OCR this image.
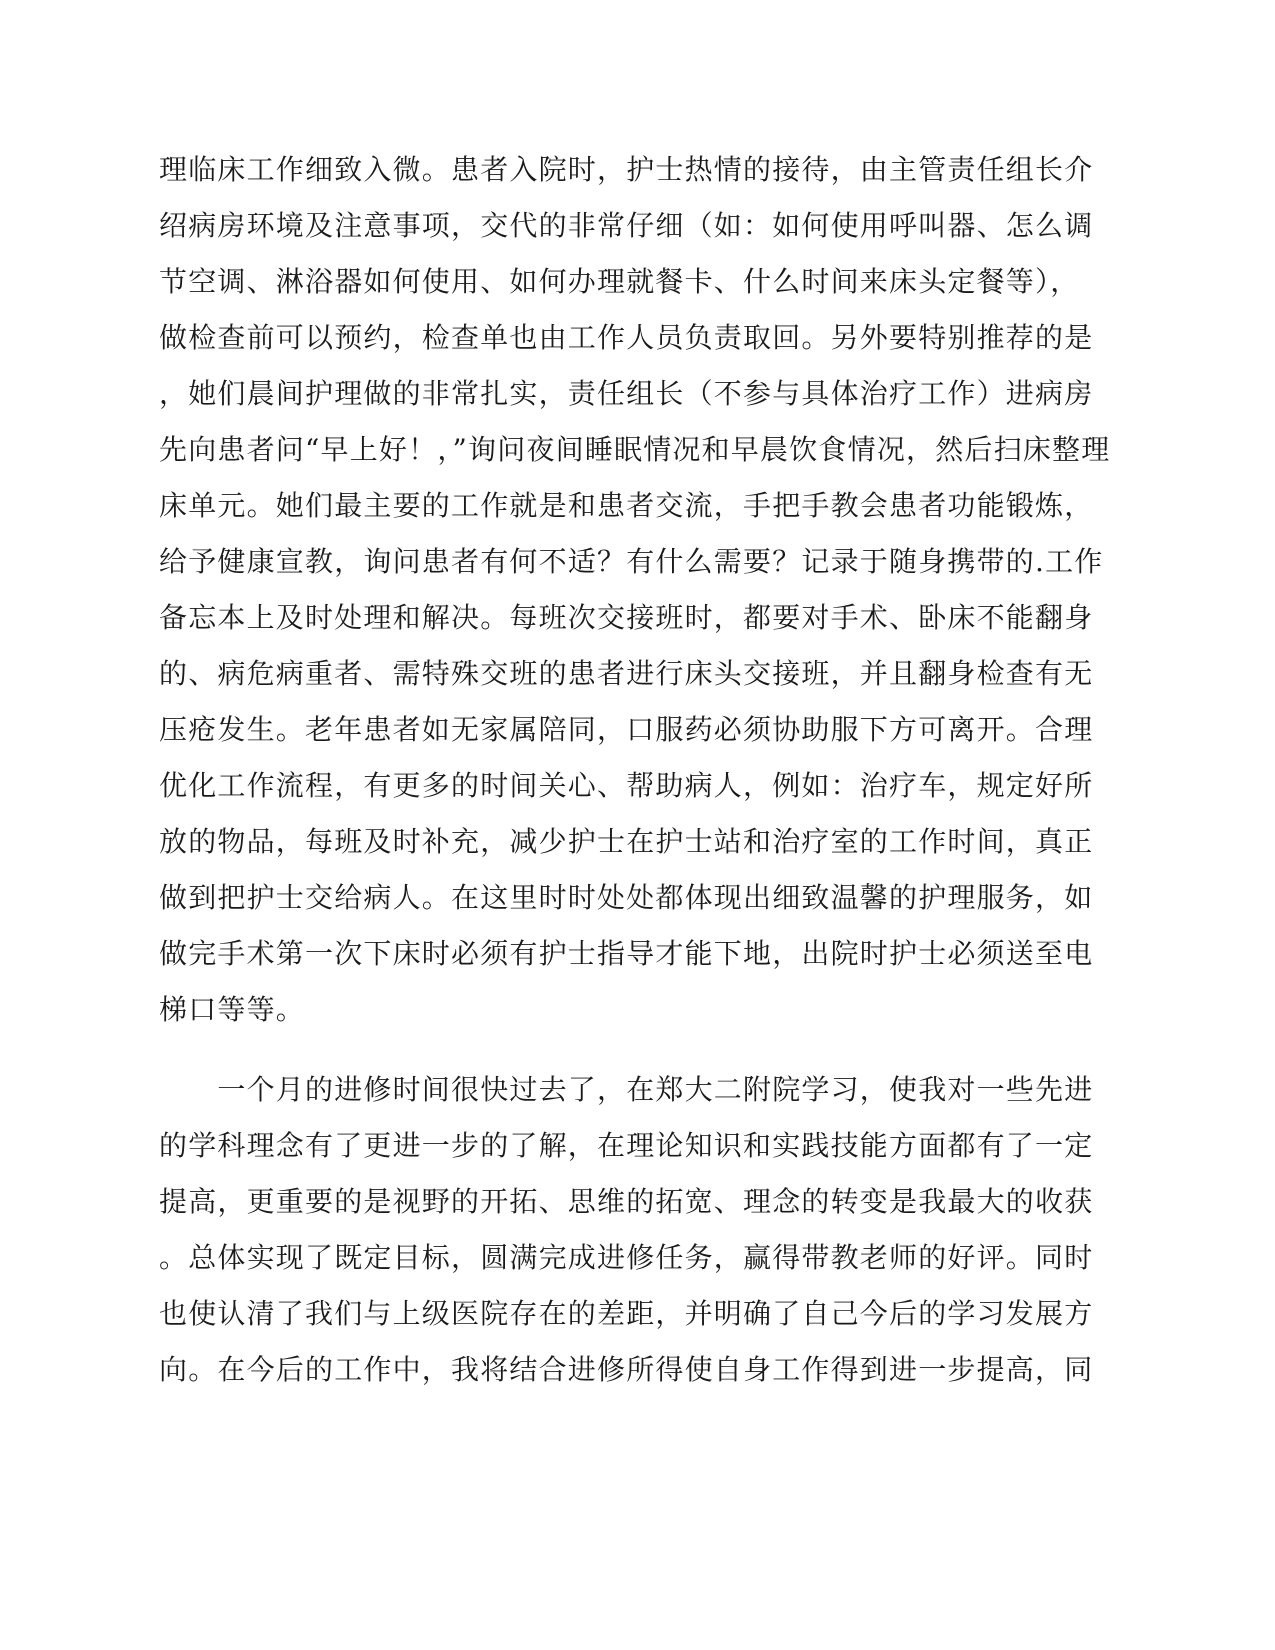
理临床工作细致入微。患者入院时，护士热情的接待，由主管责任组长介
绍病房环境及注意事项，交代的非常仔细（如：如何使用呼叫器、怎么调
节空调、淋浴器如何使用、如何办理就餐卡、什么时间来床头定餐等），
做检查前可以预约，检查单也由工作人员负责取回。另外要特别推荐的是
，她们晨间护理做的非常扎实，责任组长（不参与具体治疗工作）进病房
先向患者问“早上好！，”询问夜间睡眠情况和早晨饮食情况，然后扫床整理
床单元。她们最主要的工作就是和患者交流，手把手教会患者功能锻炼，
给予健康宣教，询问患者有何不适？有什么需要？记录于随身携带的.工作
备忘本上及时处理和解决。每班次交接班时，都要对手术、卧床不能翻身
的、病危病重者、需特殊交班的患者进行床头交接班，并且翻身检查有无
压疮发生。老年患者如无家属陪同，口服药必须协助服下方可离开。合理
优化工作流程，有更多的时间关心、帮助病人，例如：治疗车，规定好所
放的物品，每班及时补充，减少护士在护士站和治疗室的工作时间，真正
做到把护士交给病人。在这里时时处处都体现出细致温馨的护理服务，如
做完手术第一次下床时必须有护士指导才能下地，出院时护士必须送至电
梯口等等。
　　一个月的进修时间很快过去了，在郑大二附院学习，使我对一些先进
的学科理念有了更进一步的了解，在理论知识和实践技能方面都有了一定
提高，更重要的是视野的开拓、思维的拓宽、理念的转变是我最大的收获
。总体实现了既定目标，圆满完成进修任务，赢得带教老师的好评。同时
也使认清了我们与上级医院存在的差距，并明确了自己今后的学习发展方
向。在今后的工作中，我将结合进修所得使自身工作得到进一步提高，同
